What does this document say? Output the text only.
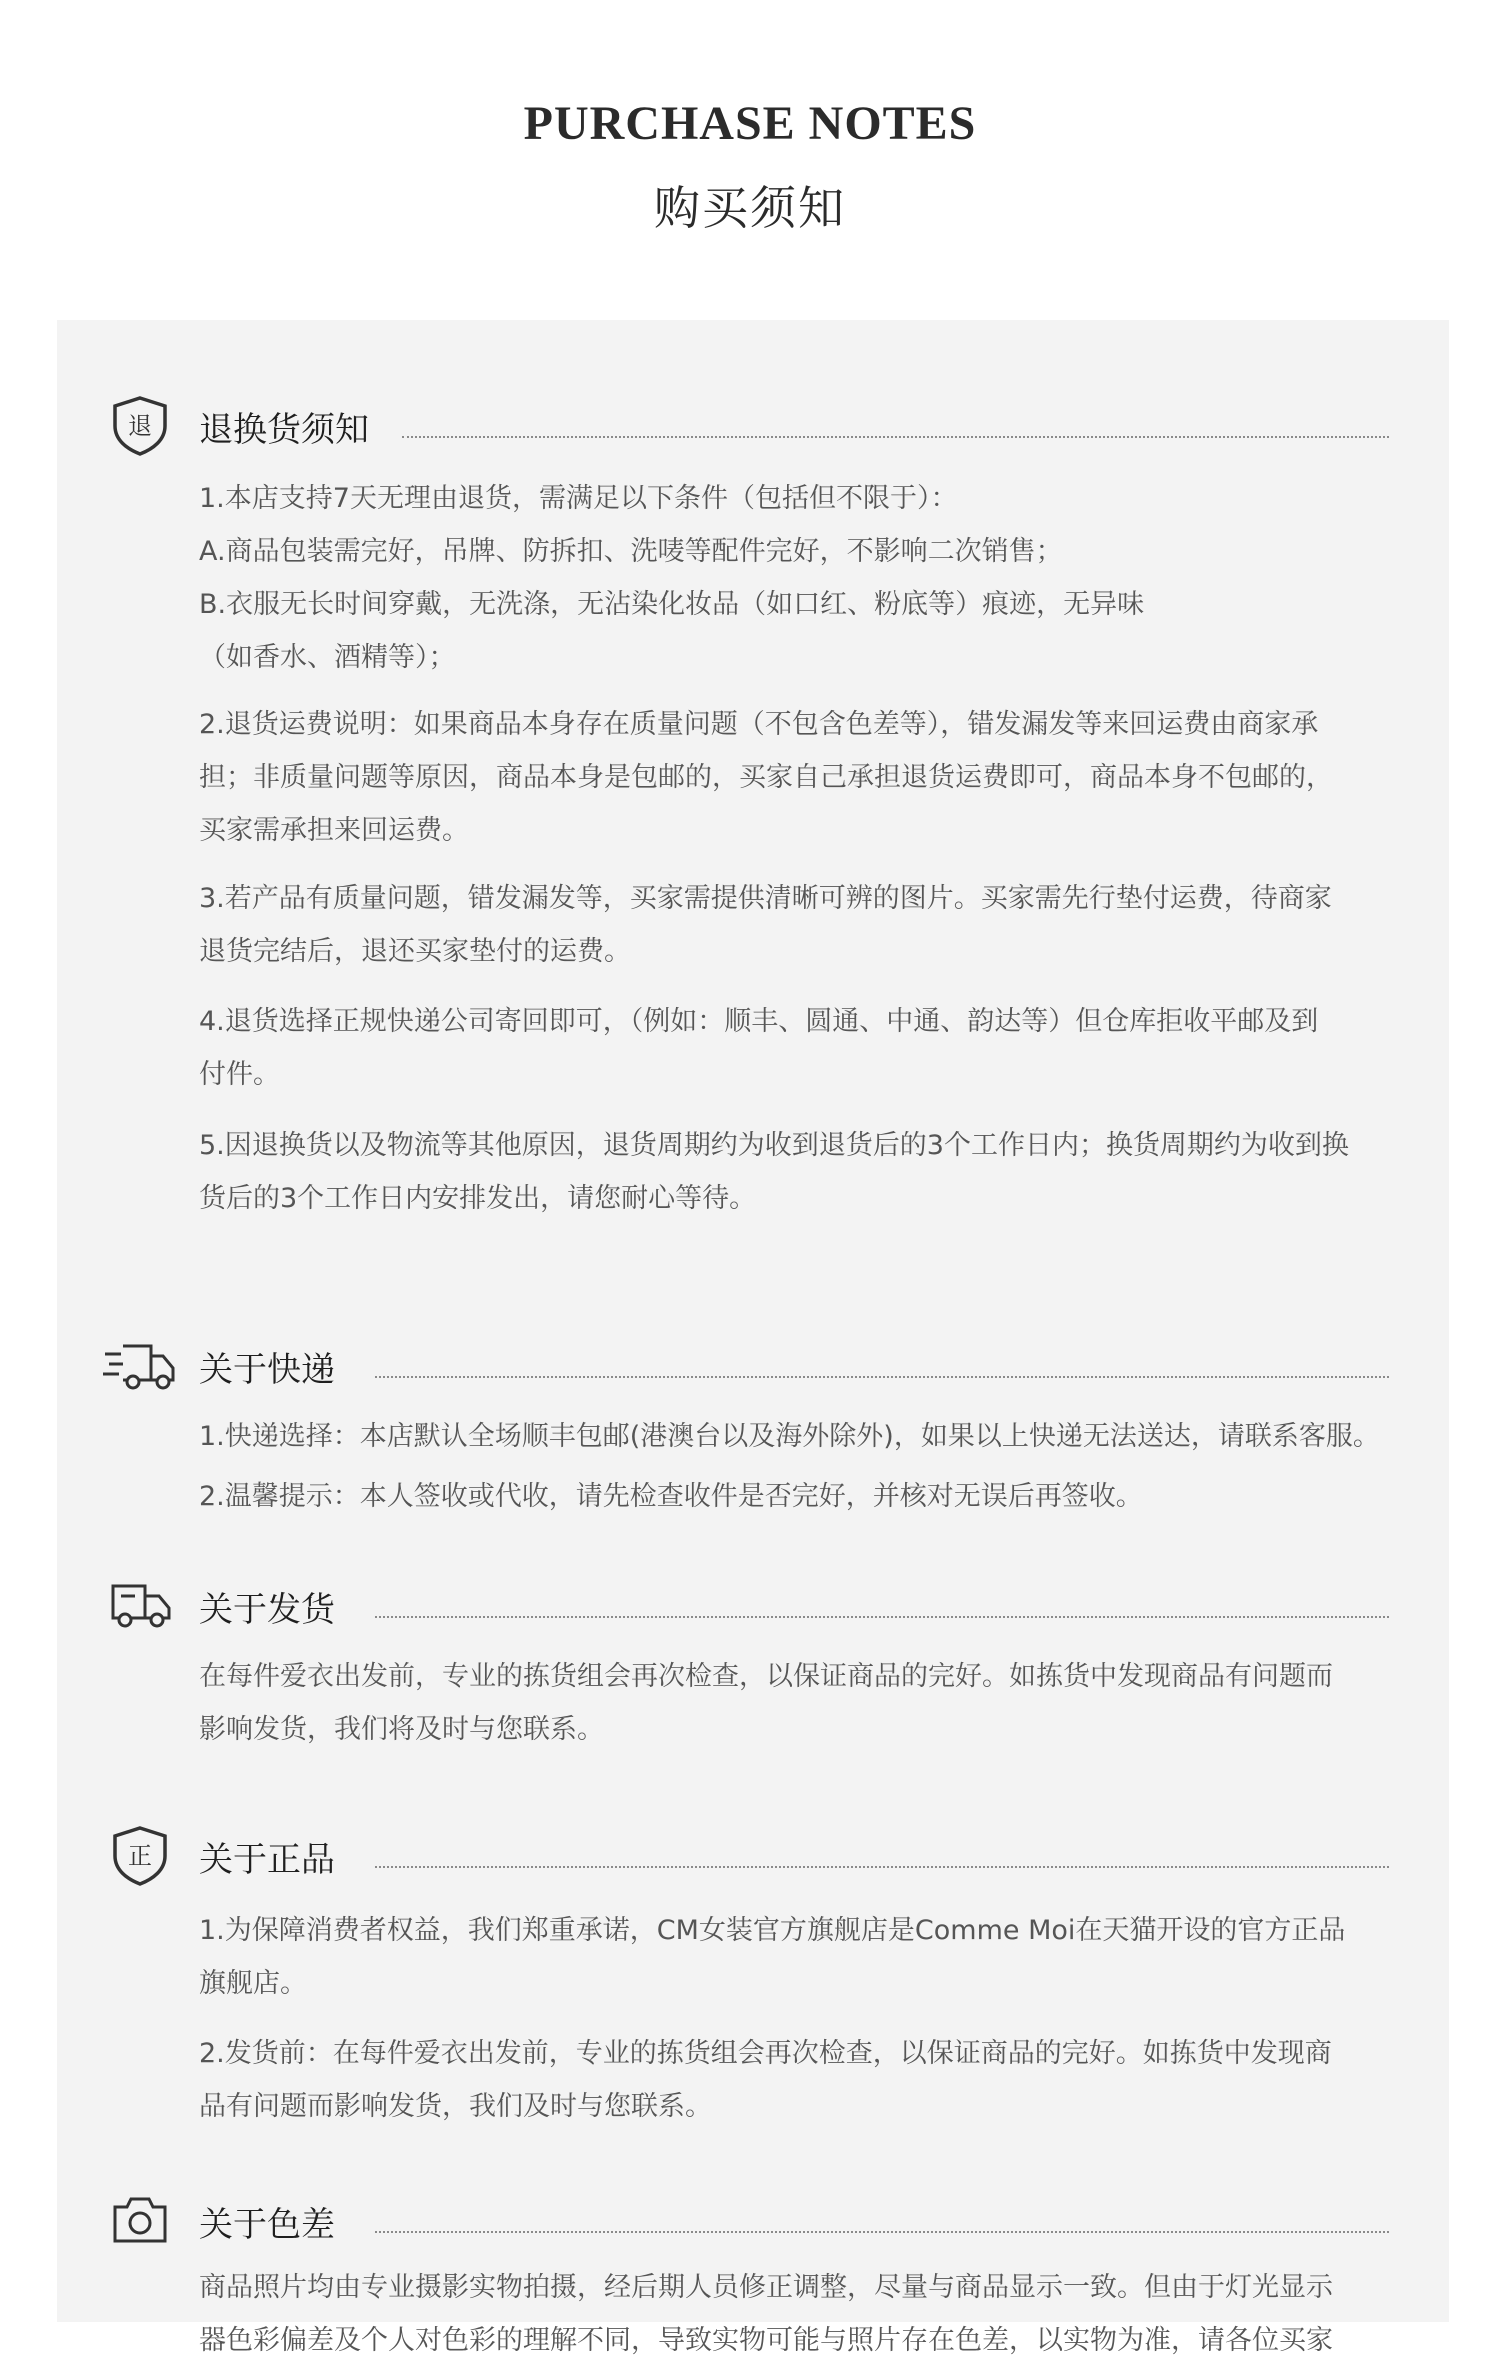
PURCHASE NOTES
购买须知
退 退换货须知
1.本店支持7天无理由退货，需满足以下条件（包括但不限于）：
A.商品包装需完好，吊牌、防拆扣、洗唛等配件完好，不影响二次销售；
B.衣服无长时间穿戴，无洗涤，无沾染化妆品（如口红、粉底等）痕迹，无异味
（如香水、酒精等）；
2.退货运费说明：如果商品本身存在质量问题（不包含色差等），错发漏发等来回运费由商家承
担；非质量问题等原因，商品本身是包邮的，买家自己承担退货运费即可，商品本身不包邮的，
买家需承担来回运费。
3.若产品有质量问题，错发漏发等，买家需提供清晰可辨的图片。买家需先行垫付运费，待商家
退货完结后，退还买家垫付的运费。
4.退货选择正规快递公司寄回即可，（例如：顺丰、圆通、中通、韵达等）但仓库拒收平邮及到
付件。
5.因退换货以及物流等其他原因，退货周期约为收到退货后的3个工作日内；换货周期约为收到换
货后的3个工作日内安排发出，请您耐心等待。
关于快递
1.快递选择：本店默认全场顺丰包邮(港澳台以及海外除外)，如果以上快递无法送达，请联系客服。
2.温馨提示：本人签收或代收，请先检查收件是否完好，并核对无误后再签收。
关于发货
在每件爱衣出发前，专业的拣货组会再次检查，以保证商品的完好。如拣货中发现商品有问题而
影响发货，我们将及时与您联系。
正 关于正品
1.为保障消费者权益，我们郑重承诺，CM女装官方旗舰店是Comme Moi在天猫开设的官方正品
旗舰店。
2.发货前：在每件爱衣出发前，专业的拣货组会再次检查，以保证商品的完好。如拣货中发现商
品有问题而影响发货，我们及时与您联系。
关于色差
商品照片均由专业摄影实物拍摄，经后期人员修正调整，尽量与商品显示一致。但由于灯光显示
器色彩偏差及个人对色彩的理解不同，导致实物可能与照片存在色差，以实物为准，请各位买家
